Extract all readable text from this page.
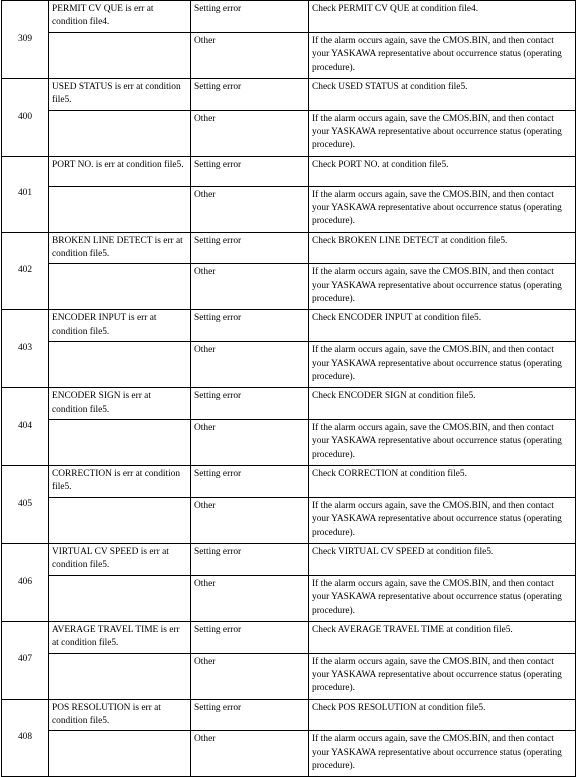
309	PERMIT CV QUE is err at condition file4.	Setting error	Check PERMIT CV QUE at condition file4.
		Other	If the alarm occurs again, save the CMOS.BIN, and then contact your YASKAWA representative about occurrence status (operating procedure).
400	USED STATUS is err at condition file5.	Setting error	Check USED STATUS at condition file5.
		Other	If the alarm occurs again, save the CMOS.BIN, and then contact your YASKAWA representative about occurrence status (operating procedure).
401	PORT NO. is err at condition file5.	Setting error	Check PORT NO. at condition file5.
		Other	If the alarm occurs again, save the CMOS.BIN, and then contact your YASKAWA representative about occurrence status (operating procedure).
402	BROKEN LINE DETECT is err at condition file5.	Setting error	Check BROKEN LINE DETECT at condition file5.
		Other	If the alarm occurs again, save the CMOS.BIN, and then contact your YASKAWA representative about occurrence status (operating procedure).
403	ENCODER INPUT is err at condition file5.	Setting error	Check ENCODER INPUT at condition file5.
		Other	If the alarm occurs again, save the CMOS.BIN, and then contact your YASKAWA representative about occurrence status (operating procedure).
404	ENCODER SIGN is err at condition file5.	Setting error	Check ENCODER SIGN at condition file5.
		Other	If the alarm occurs again, save the CMOS.BIN, and then contact your YASKAWA representative about occurrence status (operating procedure).
405	CORRECTION is err at condition file5.	Setting error	Check CORRECTION at condition file5.
		Other	If the alarm occurs again, save the CMOS.BIN, and then contact your YASKAWA representative about occurrence status (operating procedure).
406	VIRTUAL CV SPEED is err at condition file5.	Setting error	Check VIRTUAL CV SPEED at condition file5.
		Other	If the alarm occurs again, save the CMOS.BIN, and then contact your YASKAWA representative about occurrence status (operating procedure).
407	AVERAGE TRAVEL TIME is err at condition file5.	Setting error	Check AVERAGE TRAVEL TIME at condition file5.
		Other	If the alarm occurs again, save the CMOS.BIN, and then contact your YASKAWA representative about occurrence status (operating procedure).
408	POS RESOLUTION is err at condition file5.	Setting error	Check POS RESOLUTION at condition file5.
		Other	If the alarm occurs again, save the CMOS.BIN, and then contact your YASKAWA representative about occurrence status (operating procedure).
